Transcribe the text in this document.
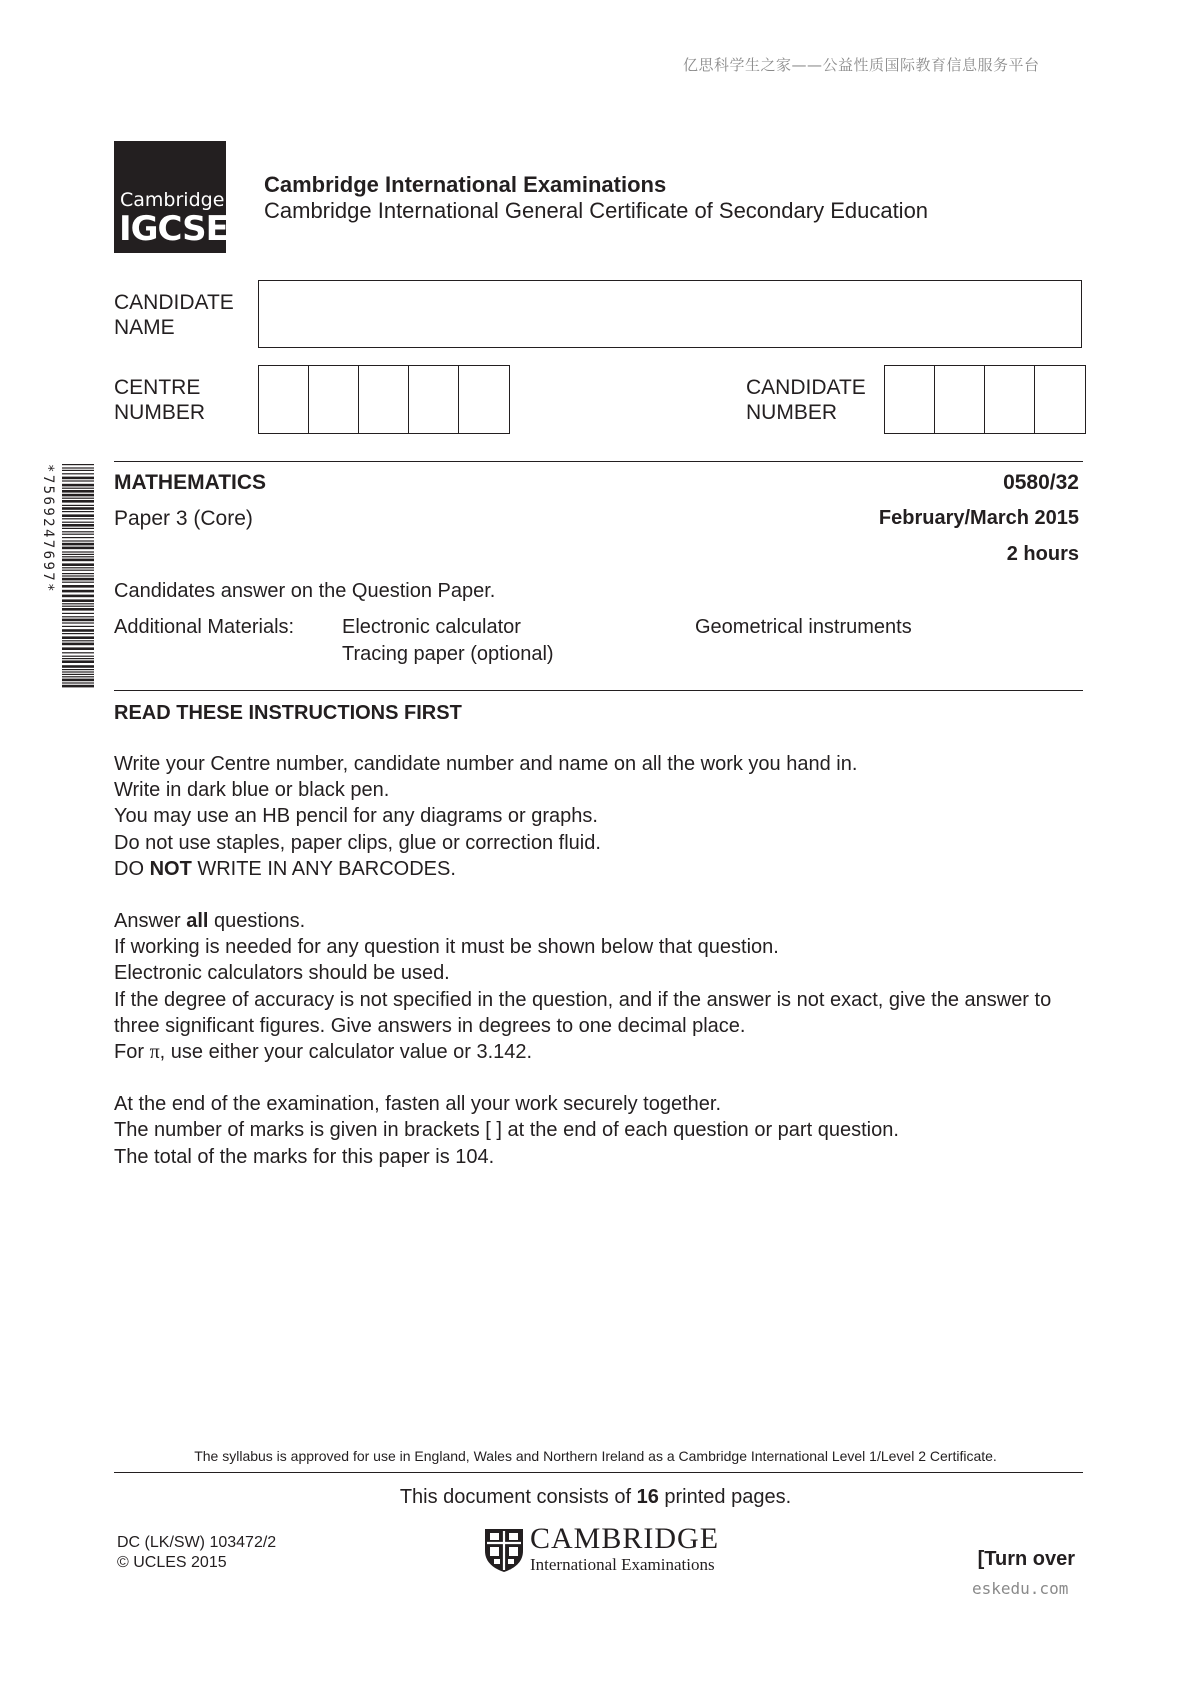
亿思科学生之家——公益性质国际教育信息服务平台
Cambridge
IGCSE
Cambridge International Examinations
Cambridge International General Certificate of Secondary Education
CANDIDATE
NAME
CENTRE
NUMBER
CANDIDATE
NUMBER
*7569247697*	MATHEMATICS	0580/32
Paper 3 (Core)	February/March 2015
2 hours
Candidates answer on the Question Paper.
Additional Materials: Electronic calculator
Tracing paper (optional)
Geometrical instruments
READ THESE INSTRUCTIONS FIRST

Write your Centre number, candidate number and name on all the work you hand in.
Write in dark blue or black pen.
You may use an HB pencil for any diagrams or graphs.
Do not use staples, paper clips, glue or correction fluid.
DO NOT WRITE IN ANY BARCODES.

Answer all questions.
If working is needed for any question it must be shown below that question.
Electronic calculators should be used.
If the degree of accuracy is not specified in the question, and if the answer is not exact, give the answer to
three significant figures. Give answers in degrees to one decimal place.
For π, use either your calculator value or 3.142.

At the end of the examination, fasten all your work securely together.
The number of marks is given in brackets [ ] at the end of each question or part question.
The total of the marks for this paper is 104.

The syllabus is approved for use in England, Wales and Northern Ireland as a Cambridge International Level 1/Level 2 Certificate.
This document consists of 16 printed pages.
DC (LK/SW) 103472/2
© UCLES 2015
CAMBRIDGE
International Examinations	[Turn over
eskedu.com
